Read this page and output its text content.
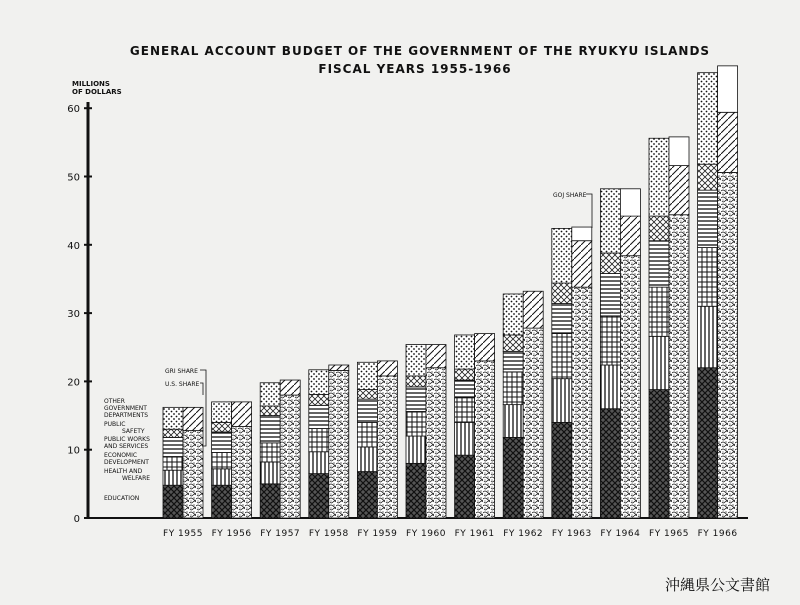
GENERAL ACCOUNT BUDGET OF THE GOVERNMENT OF THE RYUKYU ISLANDS
FISCAL YEARS 1955-1966
MILLIONS
OF DOLLARS
0
10
20
30
40
50
60
FY 1955 FY 1956 FY 1957 FY 1958 FY 1959 FY 1960 FY 1961 FY 1962 FY 1963 FY 1964 FY 1965 FY 1966
OTHER
GOVERNMENT
DEPARTMENTS
PUBLIC
SAFETY
PUBLIC WORKS
AND SERVICES
ECONOMIC
DEVELOPMENT
HEALTH AND
WELFARE
EDUCATION
GRI SHARE
U.S. SHARE
GOJ SHARE
沖縄県公文書館
